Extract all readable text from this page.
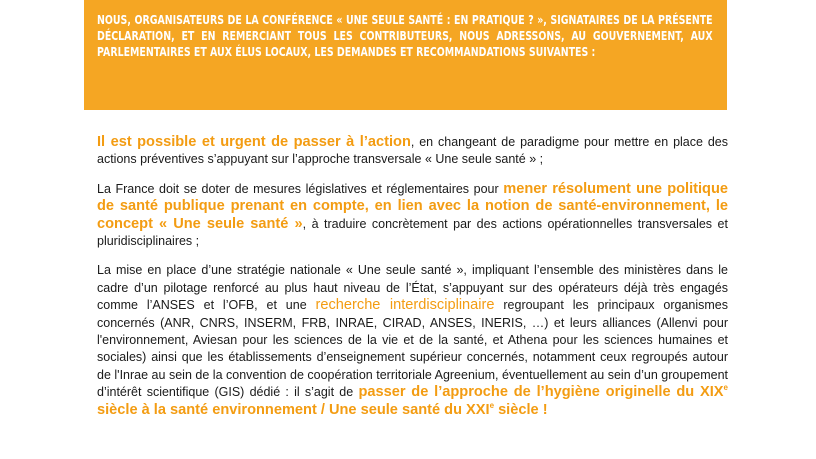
NOUS, ORGANISATEURS DE LA CONFÉRENCE « UNE SEULE SANTÉ : EN PRATIQUE ? », SIGNATAIRES DE LA PRÉSENTE DÉCLARATION, ET EN REMERCIANT TOUS LES CONTRIBUTEURS, NOUS ADRESSONS, AU GOUVERNEMENT, AUX PARLEMENTAIRES ET AUX ÉLUS LOCAUX, LES DEMANDES ET RECOMMANDATIONS SUIVANTES :

Il est possible et urgent de passer à l’action, en changeant de paradigme pour mettre en place des actions préventives s’appuyant sur l’approche transversale « Une seule santé » ;

La France doit se doter de mesures législatives et réglementaires pour mener résolument une politique de santé publique prenant en compte, en lien avec la notion de santé-environnement, le concept « Une seule santé », à traduire concrètement par des actions opérationnelles transversales et pluridisciplinaires ;

La mise en place d’une stratégie nationale « Une seule santé », impliquant l’ensemble des ministères dans le cadre d’un pilotage renforcé au plus haut niveau de l’État, s’appuyant sur des opérateurs déjà très engagés comme l’ANSES et l’OFB, et une recherche interdisciplinaire regroupant les principaux organismes concernés (ANR, CNRS, INSERM, FRB, INRAE, CIRAD, ANSES, INERIS, …) et leurs alliances (Allenvi pour l'environnement, Aviesan pour les sciences de la vie et de la santé, et Athena pour les sciences humaines et sociales) ainsi que les établissements d’enseignement supérieur concernés, notamment ceux regroupés autour de l'Inrae au sein de la convention de coopération territoriale Agreenium, éventuellement au sein d’un groupement d’intérêt scientifique (GIS) dédié : il s’agit de passer de l’approche de l’hygiène originelle du XIXe siècle à la santé environnement / Une seule santé du XXIe siècle !
